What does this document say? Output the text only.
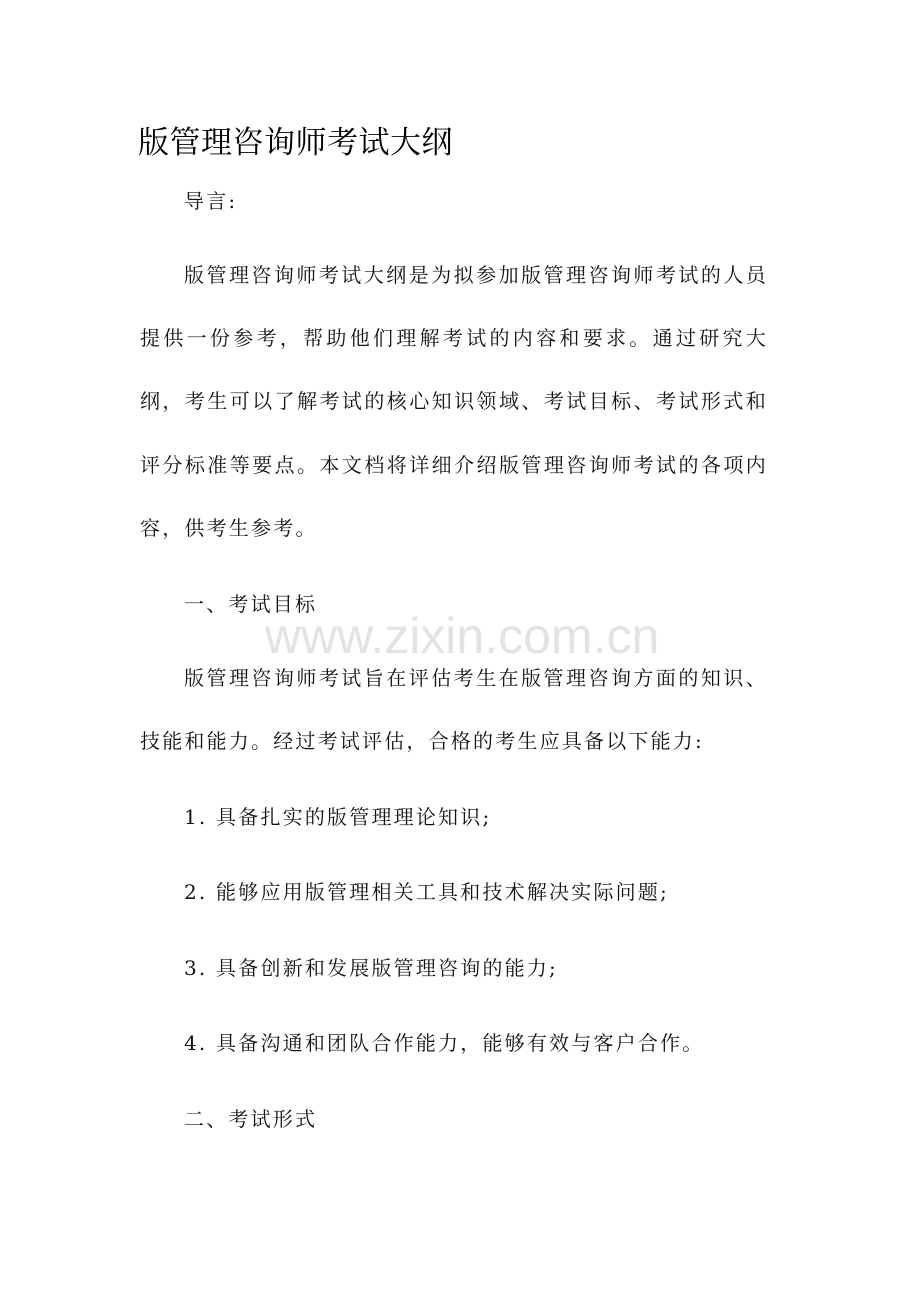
版管理咨询师考试大纲
导言:
版管理咨询师考试大纲是为拟参加版管理咨询师考试的人员提供一份参考，帮助他们理解考试的内容和要求。通过研究大纲，考生可以了解考试的核心知识领域、考试目标、考试形式和评分标准等要点。本文档将详细介绍版管理咨询师考试的各项内容，供考生参考。
一、考试目标
版管理咨询师考试旨在评估考生在版管理咨询方面的知识、技能和能力。经过考试评估，合格的考生应具备以下能力:
1. 具备扎实的版管理理论知识;
2. 能够应用版管理相关工具和技术解决实际问题;
3. 具备创新和发展版管理咨询的能力;
4. 具备沟通和团队合作能力，能够有效与客户合作。
二、考试形式
www.zixin.com.cn
